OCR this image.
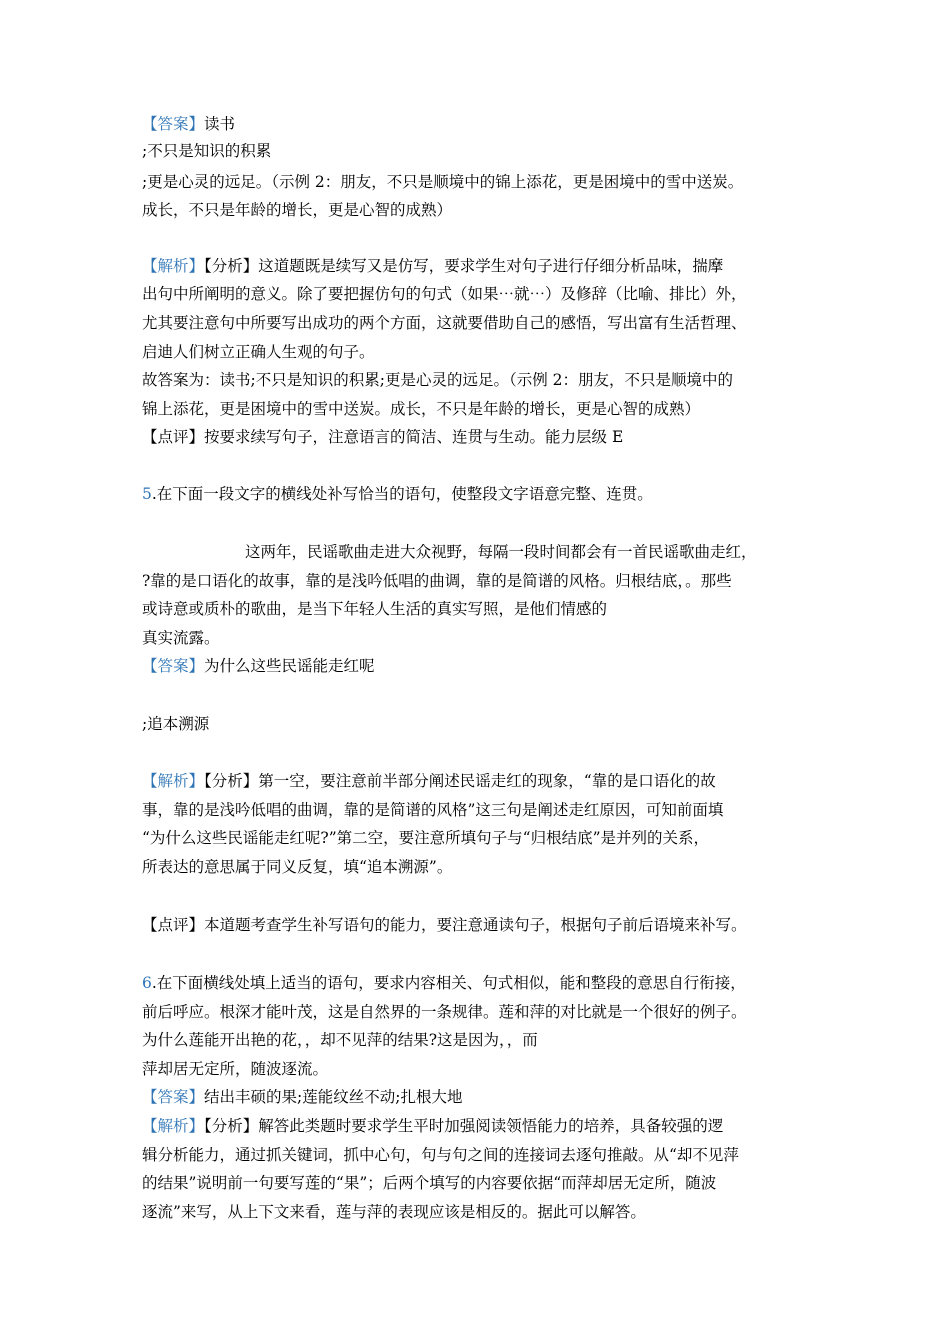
【答案】读书
;不只是知识的积累
;更是心灵的远足。（示例 2：朋友，不只是顺境中的锦上添花，更是困境中的雪中送炭。
成长，不只是年龄的增长，更是心智的成熟）
【解析】【分析】这道题既是续写又是仿写，要求学生对句子进行仔细分析品味，揣摩
出句中所阐明的意义。除了要把握仿句的句式（如果⋯就⋯）及修辞（比喻、排比）外，
尤其要注意句中所要写出成功的两个方面，这就要借助自己的感悟，写出富有生活哲理、
启迪人们树立正确人生观的句子。
故答案为：读书;不只是知识的积累;更是心灵的远足。（示例 2：朋友，不只是顺境中的
锦上添花，更是困境中的雪中送炭。成长，不只是年龄的增长，更是心智的成熟）
【点评】按要求续写句子，注意语言的简洁、连贯与生动。能力层级 E
5.在下面一段文字的横线处补写恰当的语句，使整段文字语意完整、连贯。
这两年，民谣歌曲走进大众视野，每隔一段时间都会有一首民谣歌曲走红，
?靠的是口语化的故事，靠的是浅吟低唱的曲调，靠的是简谱的风格。归根结底，。那些
或诗意或质朴的歌曲，是当下年轻人生活的真实写照，是他们情感的
真实流露。
【答案】为什么这些民谣能走红呢
;追本溯源
【解析】【分析】第一空，要注意前半部分阐述民谣走红的现象，“靠的是口语化的故
事，靠的是浅吟低唱的曲调，靠的是简谱的风格”这三句是阐述走红原因，可知前面填
“为什么这些民谣能走红呢?”第二空，要注意所填句子与“归根结底”是并列的关系，
所表达的意思属于同义反复，填“追本溯源”。
【点评】本道题考查学生补写语句的能力，要注意通读句子，根据句子前后语境来补写。
6.在下面横线处填上适当的语句，要求内容相关、句式相似，能和整段的意思自行衔接，
前后呼应。根深才能叶茂，这是自然界的一条规律。莲和萍的对比就是一个很好的例子。
为什么莲能开出艳的花，，却不见萍的结果?这是因为，，而
萍却居无定所，随波逐流。
【答案】结出丰硕的果;莲能纹丝不动;扎根大地
【解析】【分析】解答此类题时要求学生平时加强阅读领悟能力的培养，具备较强的逻
辑分析能力，通过抓关键词，抓中心句，句与句之间的连接词去逐句推敲。从“却不见萍
的结果”说明前一句要写莲的“果”；后两个填写的内容要依据“而萍却居无定所，随波
逐流”来写，从上下文来看，莲与萍的表现应该是相反的。据此可以解答。
